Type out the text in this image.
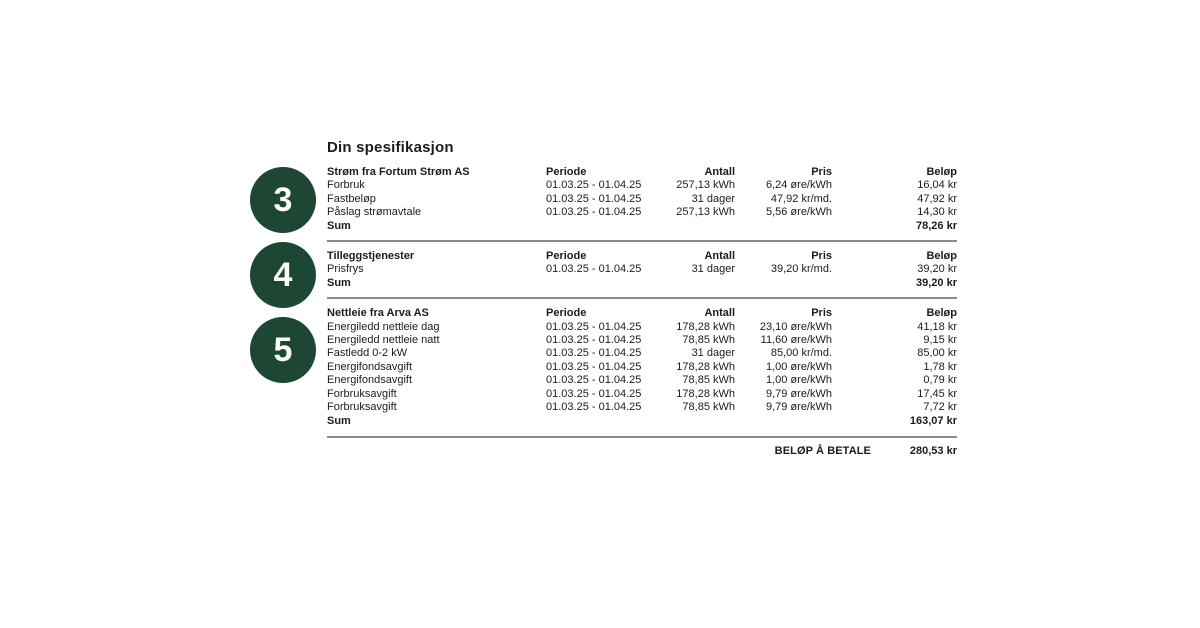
3
4
5
Din spesifikasjon
Strøm fra Fortum Strøm AS	Periode	Antall	Pris	Beløp
Forbruk	01.03.25 - 01.04.25	257,13 kWh	6,24 øre/kWh	16,04 kr
Fastbeløp	01.03.25 - 01.04.25	31 dager	47,92 kr/md.	47,92 kr
Påslag strømavtale	01.03.25 - 01.04.25	257,13 kWh	5,56 øre/kWh	14,30 kr
Sum	78,26 kr
Tilleggstjenester	Periode	Antall	Pris	Beløp
Prisfrys	01.03.25 - 01.04.25	31 dager	39,20 kr/md.	39,20 kr
Sum	39,20 kr
Nettleie fra Arva AS	Periode	Antall	Pris	Beløp
Energiledd nettleie dag	01.03.25 - 01.04.25	178,28 kWh	23,10 øre/kWh	41,18 kr
Energiledd nettleie natt	01.03.25 - 01.04.25	78,85 kWh	11,60 øre/kWh	9,15 kr
Fastledd 0-2 kW	01.03.25 - 01.04.25	31 dager	85,00 kr/md.	85,00 kr
Energifondsavgift	01.03.25 - 01.04.25	178,28 kWh	1,00 øre/kWh	1,78 kr
Energifondsavgift	01.03.25 - 01.04.25	78,85 kWh	1,00 øre/kWh	0,79 kr
Forbruksavgift	01.03.25 - 01.04.25	178,28 kWh	9,79 øre/kWh	17,45 kr
Forbruksavgift	01.03.25 - 01.04.25	78,85 kWh	9,79 øre/kWh	7,72 kr
Sum	163,07 kr
BELØP Å BETALE	280,53 kr
